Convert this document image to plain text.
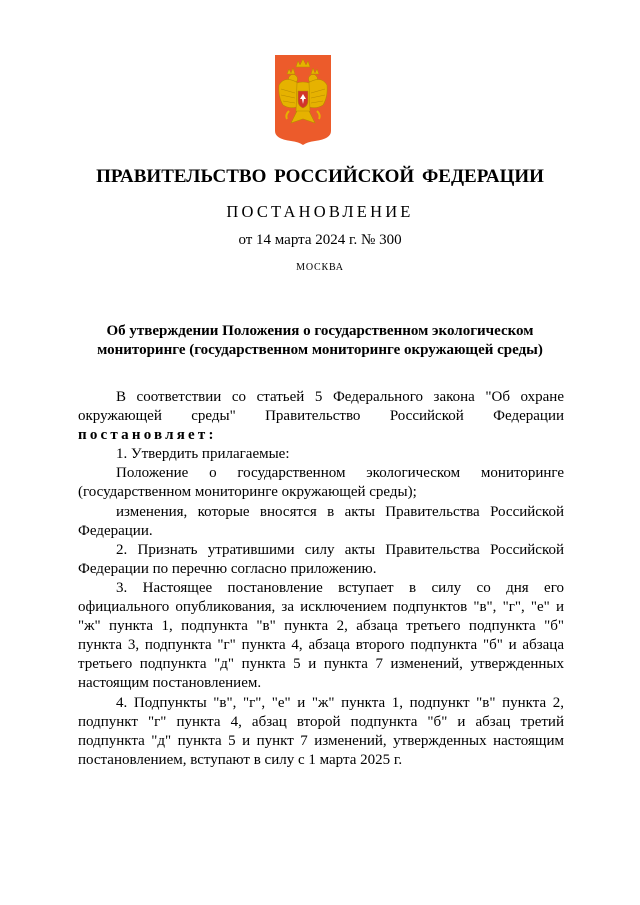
ПРАВИТЕЛЬСТВО РОССИЙСКОЙ ФЕДЕРАЦИИ
ПОСТАНОВЛЕНИЕ
от 14 марта 2024 г. № 300
МОСКВА
Об утверждении Положения о государственном экологическом мониторинге (государственном мониторинге окружающей среды)

В соответствии со статьей 5 Федерального закона "Об охране окружающей среды" Правительство Российской Федерации постановляет:

1. Утвердить прилагаемые:

Положение о государственном экологическом мониторинге (государственном мониторинге окружающей среды);

изменения, которые вносятся в акты Правительства Российской Федерации.

2. Признать утратившими силу акты Правительства Российской Федерации по перечню согласно приложению.

3. Настоящее постановление вступает в силу со дня его официального опубликования, за исключением подпунктов "в", "г", "е" и "ж" пункта 1, подпункта "в" пункта 2, абзаца третьего подпункта "б" пункта 3, подпункта "г" пункта 4, абзаца второго подпункта "б" и абзаца третьего подпункта "д" пункта 5 и пункта 7 изменений, утвержденных настоящим постановлением.

4. Подпункты "в", "г", "е" и "ж" пункта 1, подпункт "в" пункта 2, подпункт "г" пункта 4, абзац второй подпункта "б" и абзац третий подпункта "д" пункта 5 и пункт 7 изменений, утвержденных настоящим постановлением, вступают в силу с 1 марта 2025 г.
